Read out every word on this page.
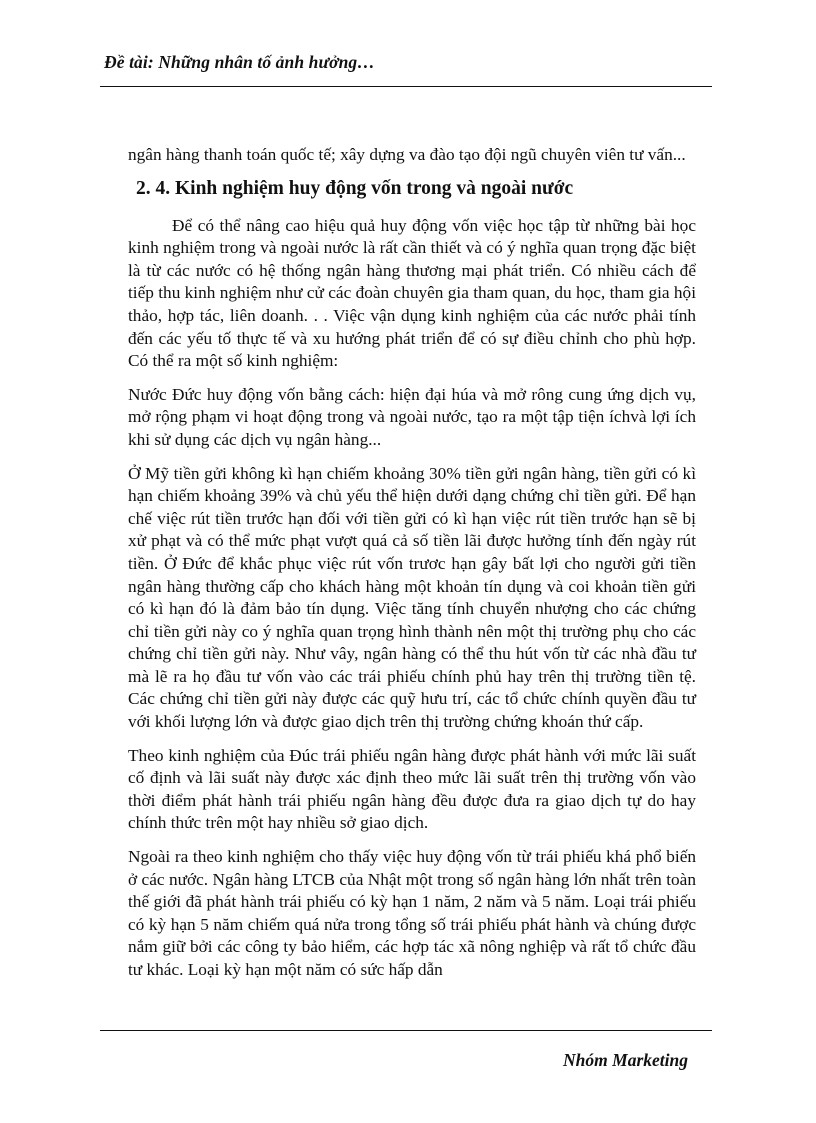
Đề tài: Những nhân tố ảnh hưởng…

ngân hàng thanh toán quốc tế; xây dựng va đào tạo đội ngũ chuyên viên tư vấn...

2. 4. Kinh nghiệm huy động vốn trong và ngoài nước

Để có thể nâng cao hiệu quả huy động vốn việc học tập từ những bài học kinh nghiệm trong và ngoài nước là rất cần thiết và có ý nghĩa quan trọng đặc biệt là từ các nước có hệ thống ngân hàng thương mại phát triển. Có nhiều cách để tiếp thu kinh nghiệm như cử các đoàn chuyên gia tham quan, du học, tham gia hội thảo, hợp tác, liên doanh. . . Việc vận dụng kinh nghiệm của các nước phải tính đến các yếu tố thực tế và xu hướng phát triển để có sự điều chỉnh cho phù hợp. Có thể ra một số kinh nghiệm:

Nước Đức huy động vốn bằng cách: hiện đại húa và mở rông cung ứng dịch vụ, mở rộng phạm vi hoạt động trong và ngoài nước, tạo ra một tập tiện íchvà lợi ích khi sử dụng các dịch vụ ngân hàng...

Ở Mỹ tiền gửi không kì hạn chiếm khoảng 30% tiền gửi ngân hàng, tiền gửi có kì hạn chiếm khoảng 39% và chủ yếu thể hiện dưới dạng chứng chỉ tiền gửi. Để hạn chế việc rút tiền trước hạn đối với tiền gửi có kì hạn việc rút tiền trước hạn sẽ bị xử phạt và có thể mức phạt vượt quá cả số tiền lãi được hưởng tính đến ngày rút tiền. Ở Đức để khắc phục việc rút vốn trươc hạn gây bất lợi cho người gửi tiền ngân hàng thường cấp cho khách hàng một khoản tín dụng và coi khoản tiền gửi có kì hạn đó là đảm bảo tín dụng. Việc tăng tính chuyển nhượng cho các chứng chỉ tiền gửi này co ý nghĩa quan trọng hình thành nên một thị trường phụ cho các chứng chỉ tiền gửi này. Như vây, ngân hàng có thể thu hút vốn từ các nhà đầu tư mà lẽ ra họ đầu tư vốn vào các trái phiếu chính phủ hay trên thị trường tiền tệ. Các chứng chỉ tiền gửi này được các quỹ hưu trí, các tổ chức chính quyền đầu tư với khối lượng lớn và được giao dịch trên thị trường chứng khoán thứ cấp.

Theo kinh nghiệm của Đúc trái phiếu ngân hàng được phát hành với mức lãi suất cố định và lãi suất này được xác định theo mức lãi suất trên thị trường vốn vào thời điểm phát hành trái phiếu ngân hàng đều được đưa ra giao dịch tự do hay chính thức trên một hay nhiều sở giao dịch.

Ngoài ra theo kinh nghiệm cho thấy việc huy động vốn từ trái phiếu khá phổ biến ở các nước. Ngân hàng LTCB của Nhật một trong số ngân hàng lớn nhất trên toàn thế giới đã phát hành trái phiếu có kỳ hạn 1 năm, 2 năm và 5 năm. Loại trái phiếu có kỳ hạn 5 năm chiếm quá nửa trong tổng số trái phiếu phát hành và chúng được nắm giữ bởi các công ty bảo hiểm, các hợp tác xã nông nghiệp và rất tổ chức đầu tư khác. Loại kỳ hạn một năm có sức hấp dẫn

Nhóm Marketing
